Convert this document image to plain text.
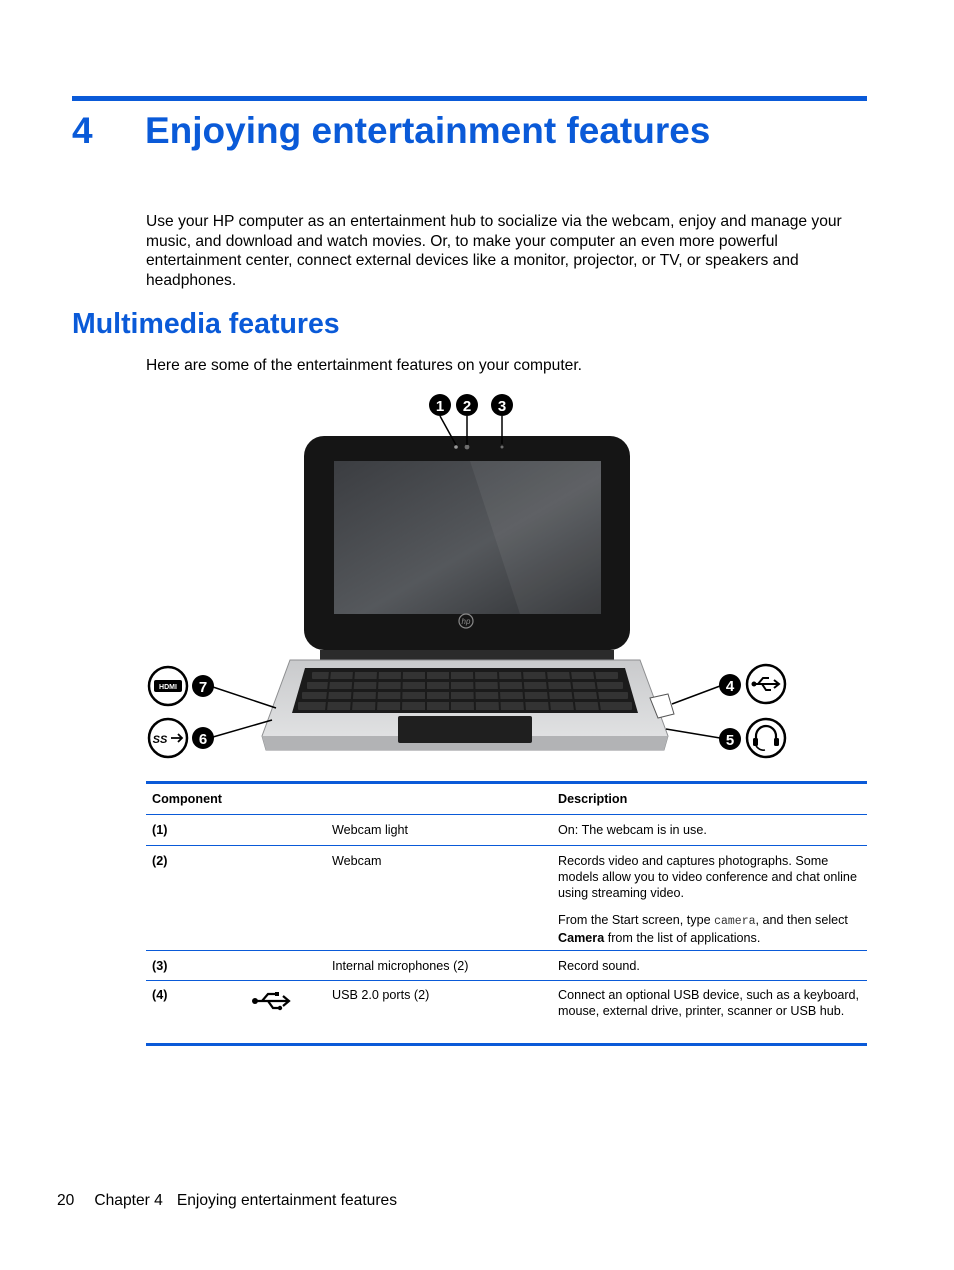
4	Enjoying entertainment features
Use your HP computer as an entertainment hub to socialize via the webcam, enjoy and manage your music, and download and watch movies. Or, to make your computer an even more powerful entertainment center, connect external devices like a monitor, projector, or TV, or speakers and headphones.
Multimedia features
Here are some of the entertainment features on your computer.
hp
1 2 3
7
HDMI
6
SS
4
5
Component	Description
(1)	Webcam light	On: The webcam is in use.
(2)	Webcam	Records video and captures photographs. Some models allow you to video conference and chat online using streaming video.
From the Start screen, type camera, and then select Camera from the list of applications.
(3)	Internal microphones (2)	Record sound.
(4)	USB 2.0 ports (2)	Connect an optional USB device, such as a keyboard, mouse, external drive, printer, scanner or USB hub.
20 Chapter 4 Enjoying entertainment features
